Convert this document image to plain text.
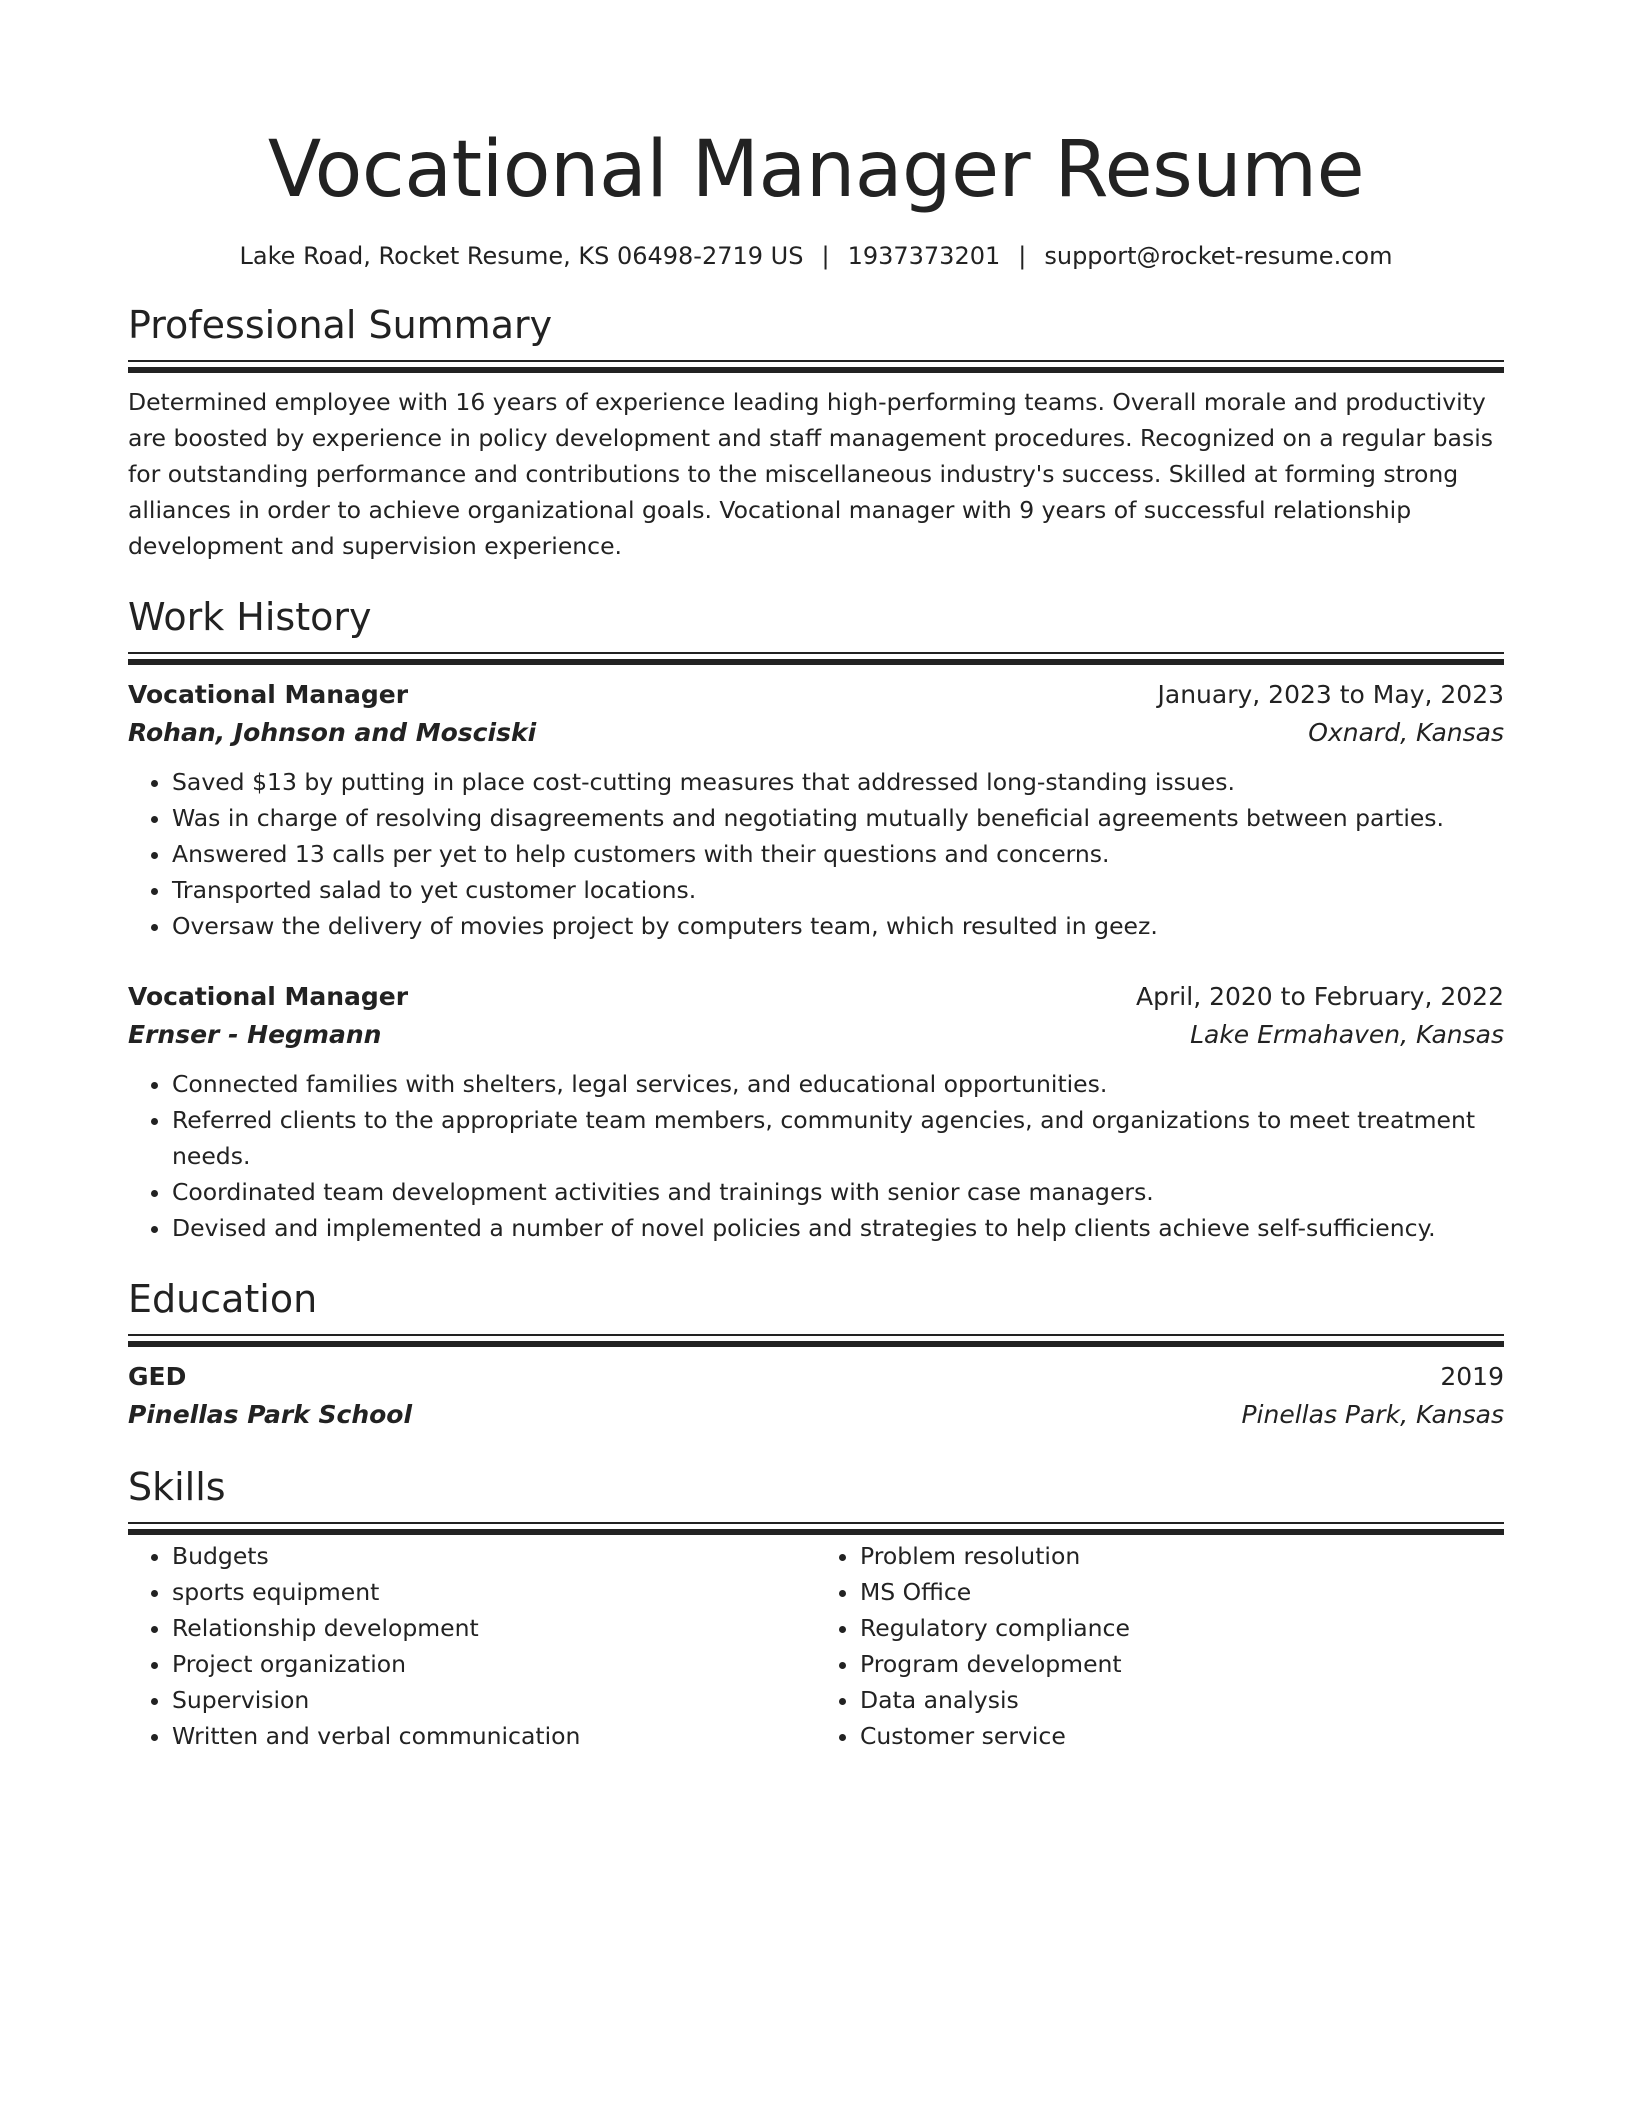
Vocational Manager Resume
Lake Road, Rocket Resume, KS 06498-2719 US | 1937373201 | support@rocket-resume.com
Professional Summary

Determined employee with 16 years of experience leading high-performing teams. Overall morale and productivity are boosted by experience in policy development and staff management procedures. Recognized on a regular basis for outstanding performance and contributions to the miscellaneous industry's success. Skilled at forming strong alliances in order to achieve organizational goals. Vocational manager with 9 years of successful relationship development and supervision experience.

Work History
Vocational Manager	January, 2023 to May, 2023
Rohan, Johnson and Mosciski	Oxnard, Kansas
• Saved $13 by putting in place cost-cutting measures that addressed long-standing issues.
• Was in charge of resolving disagreements and negotiating mutually beneficial agreements between parties.
• Answered 13 calls per yet to help customers with their questions and concerns.
• Transported salad to yet customer locations.
• Oversaw the delivery of movies project by computers team, which resulted in geez.
Vocational Manager	April, 2020 to February, 2022
Ernser - Hegmann	Lake Ermahaven, Kansas
• Connected families with shelters, legal services, and educational opportunities.
• Referred clients to the appropriate team members, community agencies, and organizations to meet treatment needs.
• Coordinated team development activities and trainings with senior case managers.
• Devised and implemented a number of novel policies and strategies to help clients achieve self-sufficiency.
Education
GED	2019
Pinellas Park School	Pinellas Park, Kansas
Skills
• Budgets
• sports equipment
• Relationship development
• Project organization
• Supervision
• Written and verbal communication
• Problem resolution
• MS Office
• Regulatory compliance
• Program development
• Data analysis
• Customer service
